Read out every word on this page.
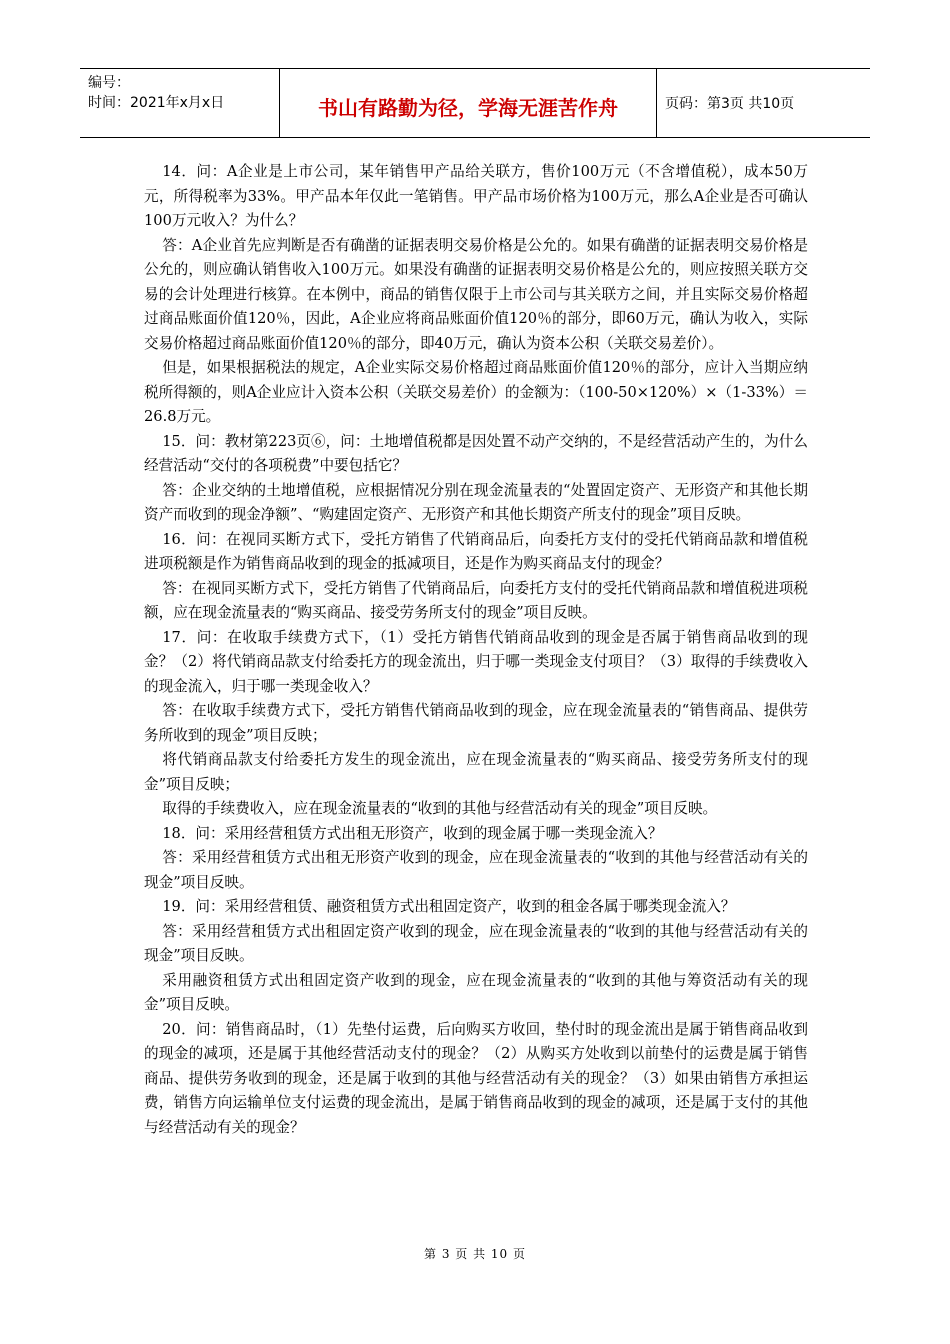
编号：
时间：2021年x月x日	书山有路勤为径，学海无涯苦作舟	页码：第3页 共10页

14．问：A企业是上市公司，某年销售甲产品给关联方，售价100万元（不含增值税），成本50万元，所得税率为33%。甲产品本年仅此一笔销售。甲产品市场价格为100万元，那么A企业是否可确认100万元收入？为什么？

答：A企业首先应判断是否有确凿的证据表明交易价格是公允的。如果有确凿的证据表明交易价格是公允的，则应确认销售收入100万元。如果没有确凿的证据表明交易价格是公允的，则应按照关联方交易的会计处理进行核算。在本例中，商品的销售仅限于上市公司与其关联方之间，并且实际交易价格超过商品账面价值120％，因此，A企业应将商品账面价值120％的部分，即60万元，确认为收入，实际交易价格超过商品账面价值120％的部分，即40万元，确认为资本公积（关联交易差价）。

但是，如果根据税法的规定，A企业实际交易价格超过商品账面价值120％的部分，应计入当期应纳税所得额的，则A企业应计入资本公积（关联交易差价）的金额为：（100-50×120%）×（1-33%）＝26.8万元。

15．问：教材第223页⑥，问：土地增值税都是因处置不动产交纳的，不是经营活动产生的，为什么经营活动“交付的各项税费”中要包括它？

答：企业交纳的土地增值税，应根据情况分别在现金流量表的“处置固定资产、无形资产和其他长期资产而收到的现金净额”、“购建固定资产、无形资产和其他长期资产所支付的现金”项目反映。

16．问：在视同买断方式下，受托方销售了代销商品后，向委托方支付的受托代销商品款和增值税进项税额是作为销售商品收到的现金的抵减项目，还是作为购买商品支付的现金？

答：在视同买断方式下，受托方销售了代销商品后，向委托方支付的受托代销商品款和增值税进项税额，应在现金流量表的“购买商品、接受劳务所支付的现金”项目反映。

17．问：在收取手续费方式下，（1）受托方销售代销商品收到的现金是否属于销售商品收到的现金？（2）将代销商品款支付给委托方的现金流出，归于哪一类现金支付项目？（3）取得的手续费收入的现金流入，归于哪一类现金收入？

答：在收取手续费方式下，受托方销售代销商品收到的现金，应在现金流量表的“销售商品、提供劳务所收到的现金”项目反映；

将代销商品款支付给委托方发生的现金流出，应在现金流量表的“购买商品、接受劳务所支付的现金”项目反映；

取得的手续费收入，应在现金流量表的“收到的其他与经营活动有关的现金”项目反映。

18．问：采用经营租赁方式出租无形资产，收到的现金属于哪一类现金流入？

答：采用经营租赁方式出租无形资产收到的现金，应在现金流量表的“收到的其他与经营活动有关的现金”项目反映。

19．问：采用经营租赁、融资租赁方式出租固定资产，收到的租金各属于哪类现金流入？

答：采用经营租赁方式出租固定资产收到的现金，应在现金流量表的“收到的其他与经营活动有关的现金”项目反映。

采用融资租赁方式出租固定资产收到的现金，应在现金流量表的“收到的其他与筹资活动有关的现金”项目反映。

20．问：销售商品时，（1）先垫付运费，后向购买方收回，垫付时的现金流出是属于销售商品收到的现金的减项，还是属于其他经营活动支付的现金？（2）从购买方处收到以前垫付的运费是属于销售商品、提供劳务收到的现金，还是属于收到的其他与经营活动有关的现金？（3）如果由销售方承担运费，销售方向运输单位支付运费的现金流出，是属于销售商品收到的现金的减项，还是属于支付的其他与经营活动有关的现金？

第 3 页 共 10 页
